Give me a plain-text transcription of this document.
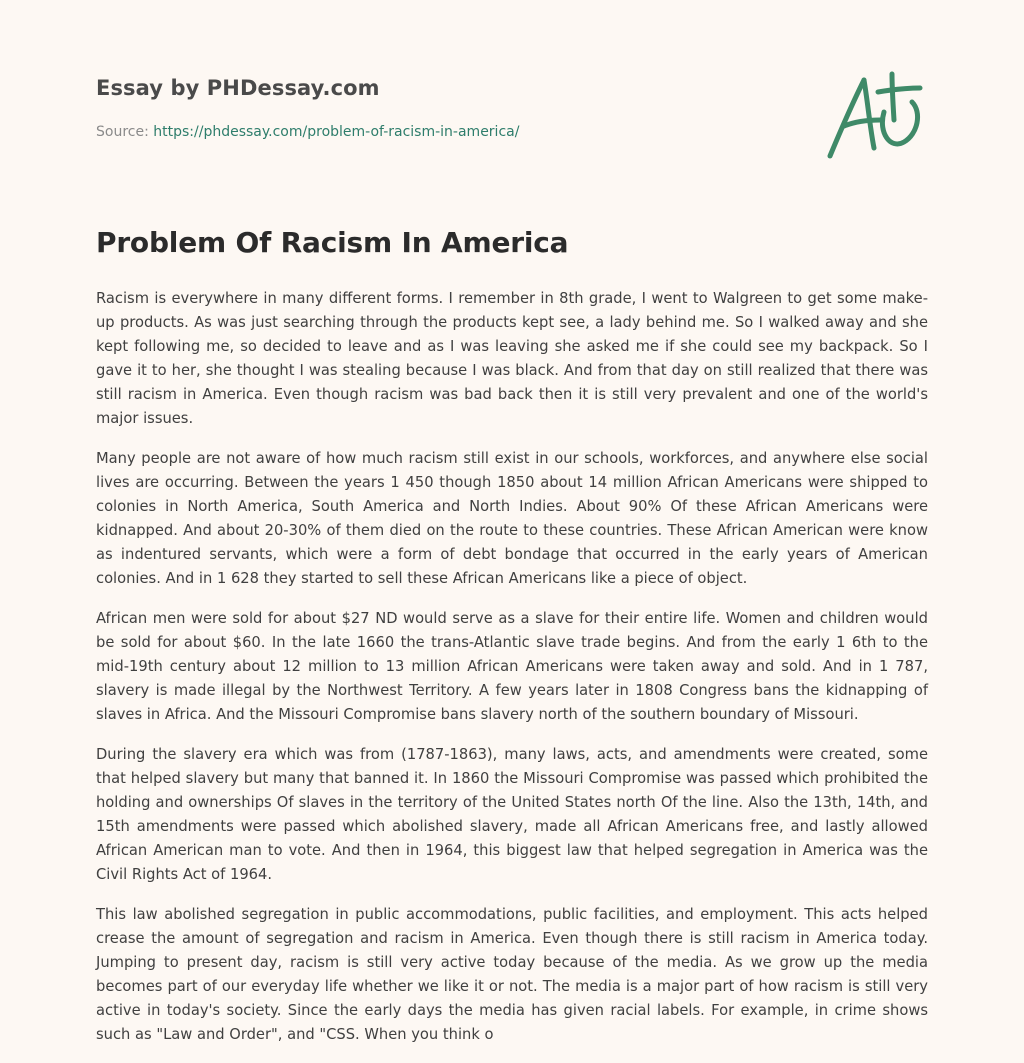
Essay by PHDessay.com
Source: https://phdessay.com/problem-of-racism-in-america/
Problem Of Racism In America

Racism is everywhere in many different forms. I remember in 8th grade, I went to Walgreen to get some make-up products. As was just searching through the products kept see, a lady behind me. So I walked away and she kept following me, so decided to leave and as I was leaving she asked me if she could see my backpack. So I gave it to her, she thought I was stealing because I was black. And from that day on still realized that there was still racism in America. Even though racism was bad back then it is still very prevalent and one of the world's major issues.

Many people are not aware of how much racism still exist in our schools, workforces, and anywhere else social lives are occurring. Between the years 1 450 though 1850 about 14 million African Americans were shipped to colonies in North America, South America and North Indies. About 90% Of these African Americans were kidnapped. And about 20-30% of them died on the route to these countries. These African American were know as indentured servants, which were a form of debt bondage that occurred in the early years of American colonies. And in 1 628 they started to sell these African Americans like a piece of object.

African men were sold for about $27 ND would serve as a slave for their entire life. Women and children would be sold for about $60. In the late 1660 the trans-Atlantic slave trade begins. And from the early 1 6th to the mid-19th century about 12 million to 13 million African Americans were taken away and sold. And in 1 787, slavery is made illegal by the Northwest Territory. A few years later in 1808 Congress bans the kidnapping of slaves in Africa. And the Missouri Compromise bans slavery north of the southern boundary of Missouri.

During the slavery era which was from (1787-1863), many laws, acts, and amendments were created, some that helped slavery but many that banned it. In 1860 the Missouri Compromise was passed which prohibited the holding and ownerships Of slaves in the territory of the United States north Of the line. Also the 13th, 14th, and 15th amendments were passed which abolished slavery, made all African Americans free, and lastly allowed African American man to vote. And then in 1964, this biggest law that helped segregation in America was the Civil Rights Act of 1964.

This law abolished segregation in public accommodations, public facilities, and employment. This acts helped crease the amount of segregation and racism in America. Even though there is still racism in America today. Jumping to present day, racism is still very active today because of the media. As we grow up the media becomes part of our everyday life whether we like it or not. The media is a major part of how racism is still very active in today's society. Since the early days the media has given racial labels. For example, in crime shows such as "Law and Order", and "CSS. When you think o
